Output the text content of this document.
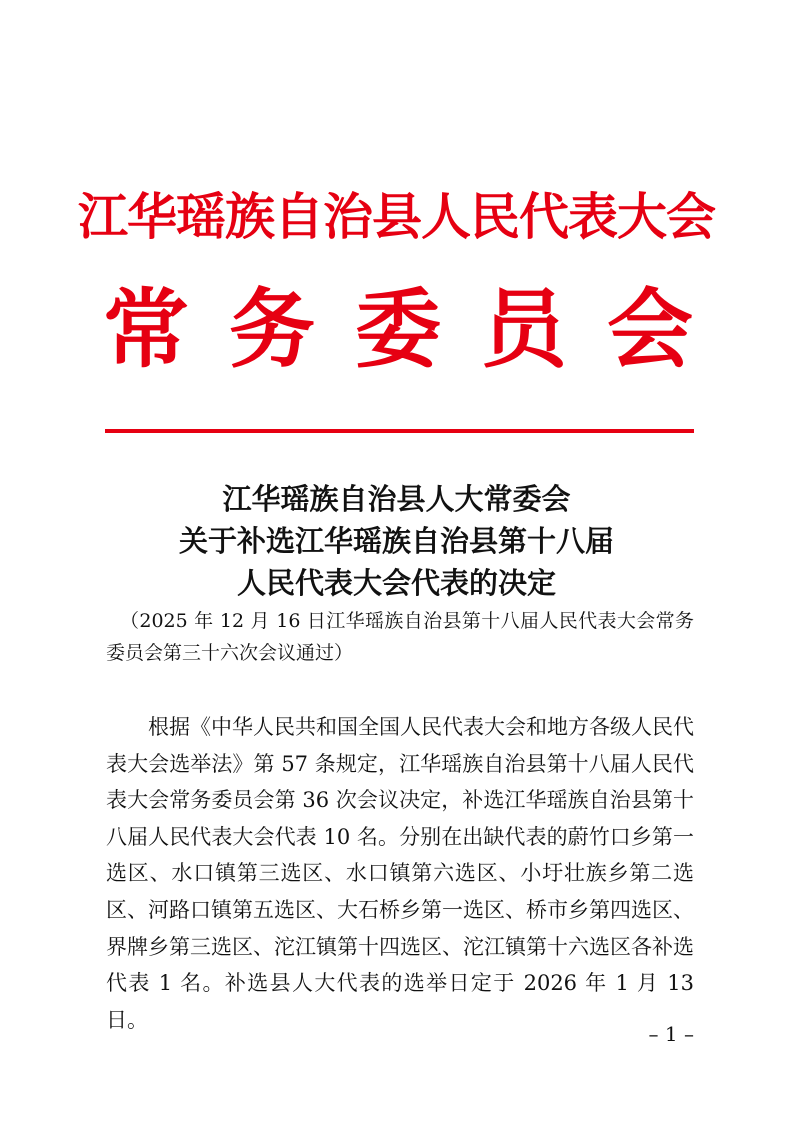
江华瑶族自治县人民代表大会
常 务 委 员 会
江华瑶族自治县人大常委会
关于补选江华瑶族自治县第十八届
人民代表大会代表的决定
（2025 年 12 月 16 日江华瑶族自治县第十八届人民代表大会常务委员会第三十六次会议通过）
根据《中华人民共和国全国人民代表大会和地方各级人民代表大会选举法》第 57 条规定，江华瑶族自治县第十八届人民代表大会常务委员会第 36 次会议决定，补选江华瑶族自治县第十八届人民代表大会代表 10 名。分别在出缺代表的蔚竹口乡第一选区、水口镇第三选区、水口镇第六选区、小圩壮族乡第二选区、河路口镇第五选区、大石桥乡第一选区、桥市乡第四选区、界牌乡第三选区、沱江镇第十四选区、沱江镇第十六选区各补选代表 1 名。补选县人大代表的选举日定于 2026 年 1 月 13 日。
– 1 –
